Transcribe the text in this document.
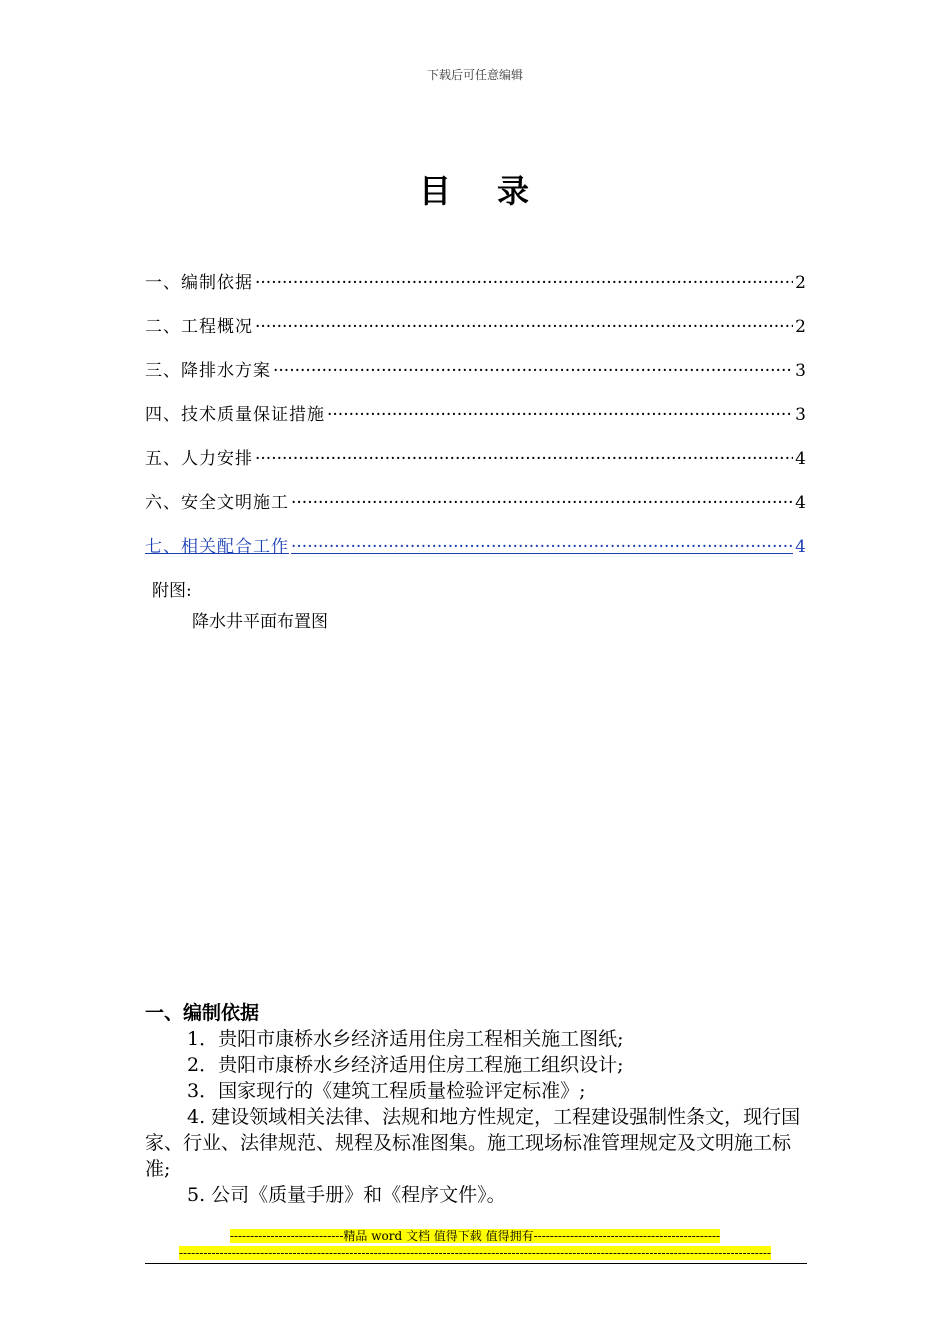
下载后可任意编辑
目 录
一、编制依据 ·····	2
二、工程概况 ·····	2
三、降排水方案 ·····	3
四、技术质量保证措施 ·····	3
五、人力安排 ·····	4
六、安全文明施工 ·····	4
七、相关配合工作 ·····	4
附图:
降水井平面布置图
一、编制依据

1．贵阳市康桥水乡经济适用住房工程相关施工图纸;

2．贵阳市康桥水乡经济适用住房工程施工组织设计;

3．国家现行的《建筑工程质量检验评定标准》;

4. 建设领域相关法律、法规和地方性规定，工程建设强制性条文，现行国家、行业、法律规范、规程及标准图集。施工现场标准管理规定及文明施工标准;

5. 公司《质量手册》和《程序文件》。

----------------------------精品 word 文档 值得下载 值得拥有----------------------------------------------
--------------------------------------------------------------------------------------------------------------------------------------------------
